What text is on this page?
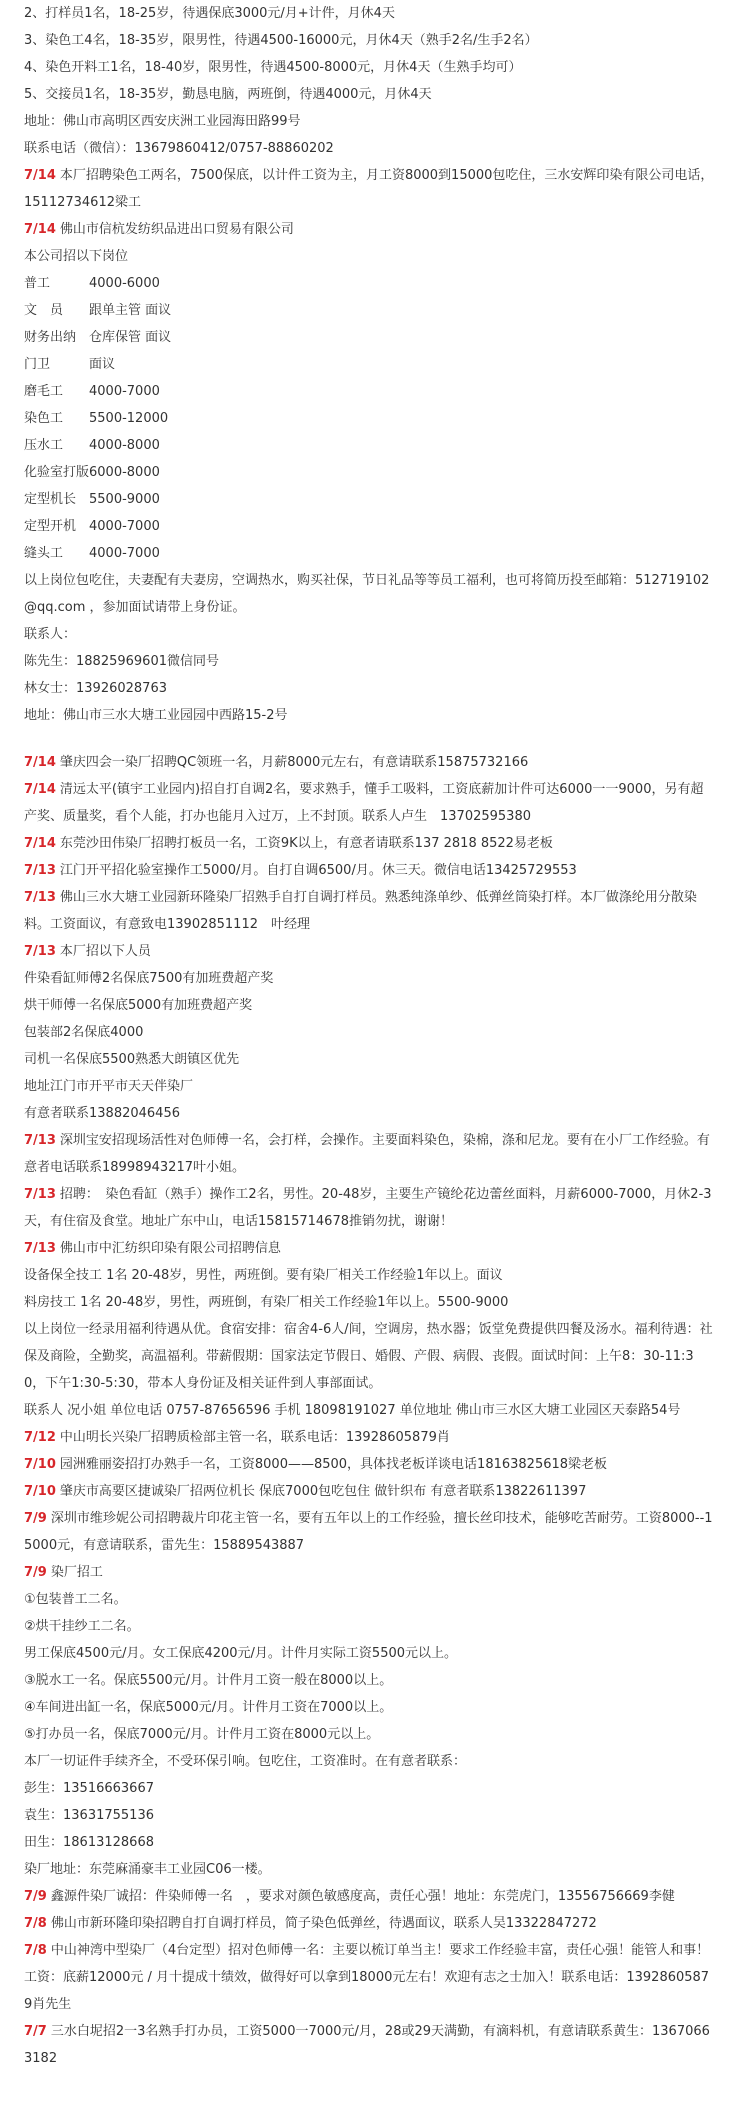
2、打样员1名，18-25岁，待遇保底3000元/月+计件，月休4天
3、染色工4名，18-35岁，限男性，待遇4500-16000元，月休4天（熟手2名/生手2名）
4、染色开料工1名，18-40岁，限男性，待遇4500-8000元，月休4天（生熟手均可）
5、交接员1名，18-35岁，勤恳电脑，两班倒，待遇4000元，月休4天
地址：佛山市高明区西安庆洲工业园海田路99号
联系电话（微信）：13679860412/0757-88860202
7/14 本厂招聘染色工两名，7500保底，以计件工资为主，月工资8000到15000包吃住，三水安辉印染有限公司电话，15112734612梁工
7/14 佛山市信杭发纺织品进出口贸易有限公司
本公司招以下岗位
普工　　　4000-6000
文　员　　跟单主管 面议
财务出纳　仓库保管 面议
门卫　　　面议
磨毛工　　4000-7000
染色工　　5500-12000
压水工　　4000-8000
化验室打版6000-8000
定型机长　5500-9000
定型开机　4000-7000
缝头工　　4000-7000
以上岗位包吃住，夫妻配有夫妻房，空调热水，购买社保，节日礼品等等员工福利，也可将简历投至邮箱：512719102@qq.com ，参加面试请带上身份证。
联系人：
陈先生：18825969601微信同号
林女士：13926028763
地址：佛山市三水大塘工业园园中西路15-2号
7/14 肇庆四会一染厂招聘QC领班一名，月薪8000元左右，有意请联系15875732166
7/14 清远太平(镇宇工业园内)招自打自调2名，要求熟手，懂手工吸料，工资底薪加计件可达6000一一9000，另有超产奖、质量奖，看个人能，打办也能月入过万，上不封顶。联系人卢生　13702595380
7/14 东莞沙田伟染厂招聘打板员一名，工资9K以上，有意者请联系137 2818 8522易老板
7/13 江门开平招化验室操作工5000/月。自打自调6500/月。休三天。微信电话13425729553
7/13 佛山三水大塘工业园新环隆染厂招熟手自打自调打样员。熟悉纯涤单纱、低弹丝筒染打样。本厂做涤纶用分散染料。工资面议，有意致电13902851112　叶经理
7/13 本厂招以下人员
件染看缸师傅2名保底7500有加班费超产奖
烘干师傅一名保底5000有加班费超产奖
包装部2名保底4000
司机一名保底5500熟悉大朗镇区优先
地址江门市开平市天天伴染厂
有意者联系13882046456
7/13 深圳宝安招现场活性对色师傅一名，会打样，会操作。主要面料染色，染棉，涤和尼龙。要有在小厂工作经验。有意者电话联系18998943217叶小姐。
7/13 招聘：　染色看缸（熟手）操作工2名，男性。20-48岁，主要生产镜纶花边蕾丝面料，月薪6000-7000，月休2-3天，有住宿及食堂。地址广东中山，电话15815714678推销勿扰，谢谢！
7/13 佛山市中汇纺织印染有限公司招聘信息
设备保全技工 1名 20-48岁，男性，两班倒。要有染厂相关工作经验1年以上。面议
料房技工 1名 20-48岁，男性，两班倒，有染厂相关工作经验1年以上。5500-9000
以上岗位一经录用福利待遇从优。食宿安排：宿舍4-6人/间，空调房，热水器；饭堂免费提供四餐及汤水。福利待遇：社保及商险，全勤奖，高温福利。带薪假期：国家法定节假日、婚假、产假、病假、丧假。面试时间：上午8：30-11:30，下午1:30-5:30，带本人身份证及相关证件到人事部面试。
联系人 况小姐 单位电话 0757-87656596 手机 18098191027 单位地址 佛山市三水区大塘工业园区天泰路54号
7/12 中山明长兴染厂招聘质检部主管一名，联系电话：13928605879肖
7/10 园洲雅丽姿招打办熟手一名，工资8000——8500，具体找老板详谈电话18163825618梁老板
7/10 肇庆市高要区捷诚染厂招两位机长 保底7000包吃包住 做针织布 有意者联系13822611397
7/9 深圳市维珍妮公司招聘裁片印花主管一名，要有五年以上的工作经验，擅长丝印技术，能够吃苦耐劳。工资8000--15000元，有意请联系，雷先生：15889543887
7/9 染厂招工
①包装普工二名。
②烘干挂纱工二名。
男工保底4500元/月。女工保底4200元/月。计件月实际工资5500元以上。
③脱水工一名。保底5500元/月。计件月工资一般在8000以上。
④车间进出缸一名，保底5000元/月。计件月工资在7000以上。
⑤打办员一名，保底7000元/月。计件月工资在8000元以上。
本厂一切证件手续齐全，不受环保引响。包吃住，工资准时。在有意者联系：
彭生：13516663667
袁生：13631755136
田生：18613128668
染厂地址：东莞麻涌豪丰工业园C06一楼。
7/9 鑫源件染厂诚招：件染师傅一名　，要求对颜色敏感度高，责任心强！地址：东莞虎门，13556756669李健
7/8 佛山市新环隆印染招聘自打自调打样员，简子染色低弹丝，待遇面议，联系人吴13322847272
7/8 中山神湾中型染厂（4台定型）招对色师傅一名：主要以梳订单当主！要求工作经验丰富，责任心强！能管人和事！工资：底薪12000元 / 月十提成十绩效，做得好可以拿到18000元左右！欢迎有志之士加入！联系电话：13928605879肖先生
7/7 三水白坭招2一3名熟手打办员，工资5000一7000元/月，28或29天满勤，有滴料机，有意请联系黄生：13670663182
